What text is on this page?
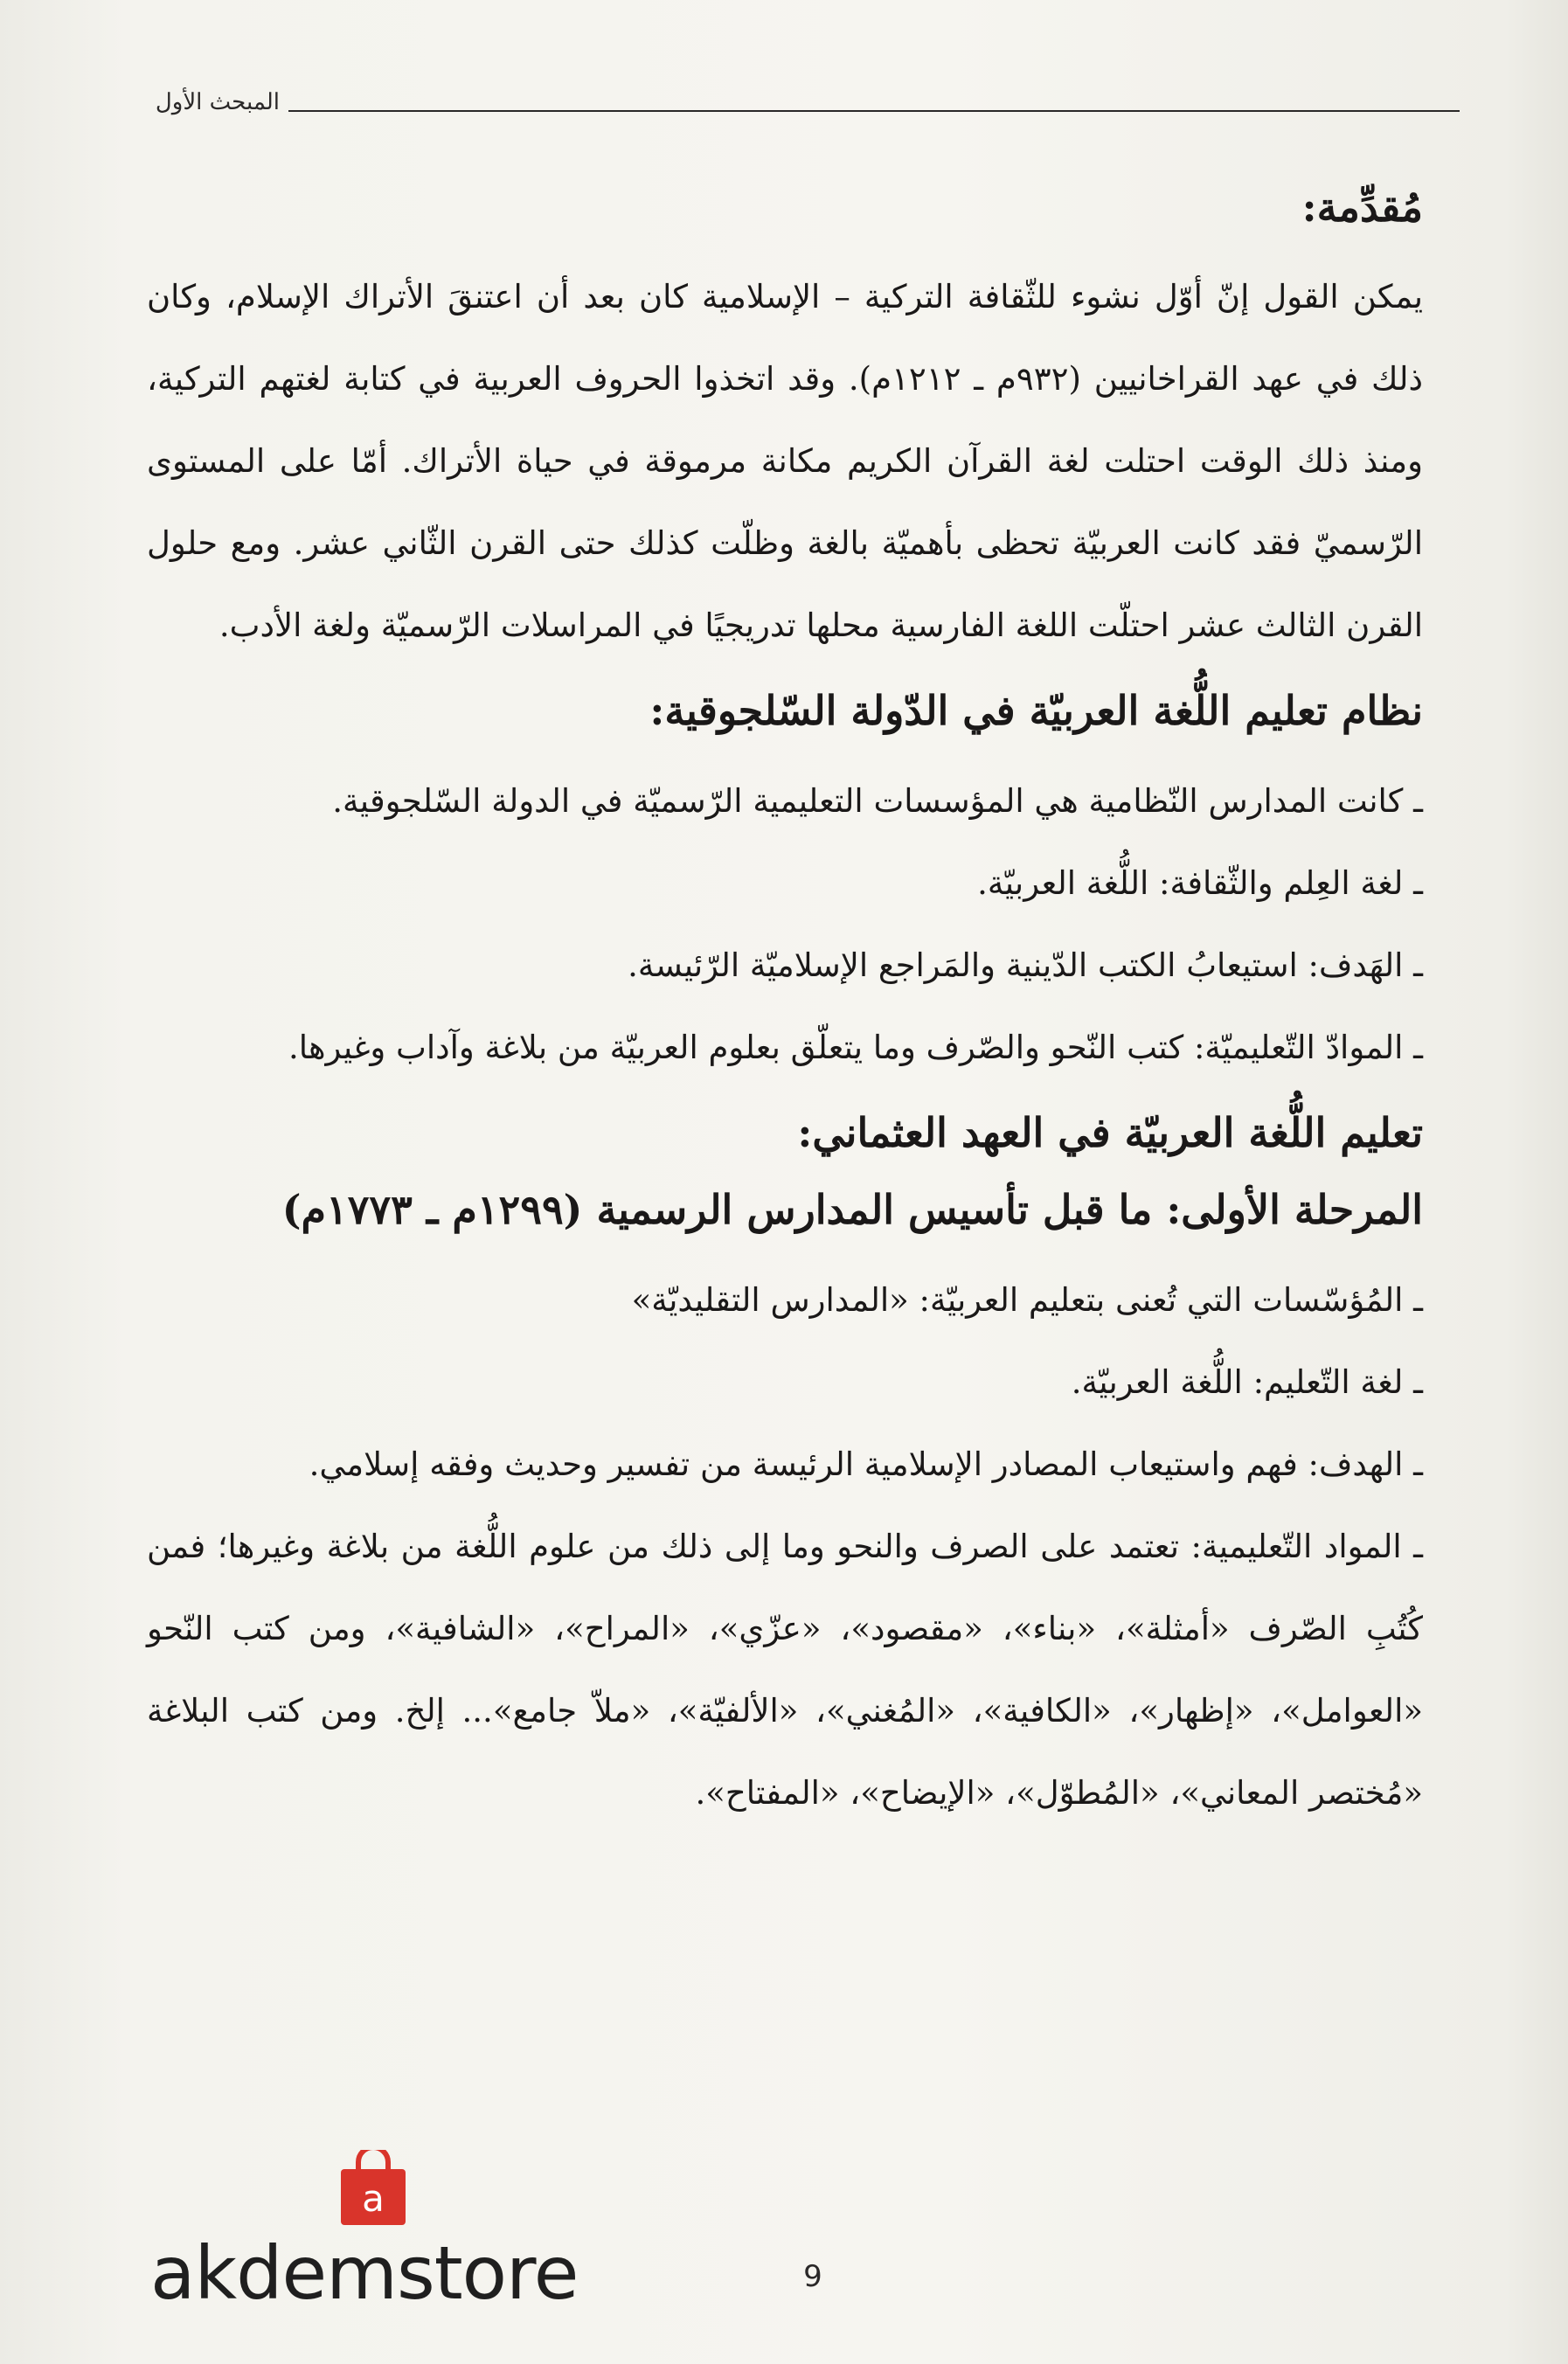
المبحث الأول
مُقدِّمة:
يمكن القول إنّ أوّل نشوء للثّقافة التركية – الإسلامية كان بعد أن اعتنقَ الأتراك الإسلام، وكان ذلك في عهد القراخانيين (٩٣٢م ـ ١٢١٢م). وقد اتخذوا الحروف العربية في كتابة لغتهم التركية، ومنذ ذلك الوقت احتلت لغة القرآن الكريم مكانة مرموقة في حياة الأتراك. أمّا على المستوى الرّسميّ فقد كانت العربيّة تحظى بأهميّة بالغة وظلّت كذلك حتى القرن الثّاني عشر. ومع حلول القرن الثالث عشر احتلّت اللغة الفارسية محلها تدريجيًا في المراسلات الرّسميّة ولغة الأدب.
نظام تعليم اللُّغة العربيّة في الدّولة السّلجوقية:
ـ كانت المدارس النّظامية هي المؤسسات التعليمية الرّسميّة في الدولة السّلجوقية.
ـ لغة العِلم والثّقافة: اللُّغة العربيّة.
ـ الهَدف: استيعابُ الكتب الدّينية والمَراجع الإسلاميّة الرّئيسة.
ـ الموادّ التّعليميّة: كتب النّحو والصّرف وما يتعلّق بعلوم العربيّة من بلاغة وآداب وغيرها.
تعليم اللُّغة العربيّة في العهد العثماني:
المرحلة الأولى: ما قبل تأسيس المدارس الرسمية (١٢٩٩م ـ ١٧٧٣م)
ـ المُؤسّسات التي تُعنى بتعليم العربيّة: «المدارس التقليديّة»
ـ لغة التّعليم: اللُّغة العربيّة.
ـ الهدف: فهم واستيعاب المصادر الإسلامية الرئيسة من تفسير وحديث وفقه إسلامي.
ـ المواد التّعليمية: تعتمد على الصرف والنحو وما إلى ذلك من علوم اللُّغة من بلاغة وغيرها؛ فمن كُتُبِ الصّرف «أمثلة»، «بناء»، «مقصود»، «عزّي»، «المراح»، «الشافية»، ومن كتب النّحو «العوامل»، «إظهار»، «الكافية»، «المُغني»، «الألفيّة»، «ملاّ جامع»... إلخ. ومن كتب البلاغة «مُختصر المعاني»، «المُطوّل»، «الإيضاح»، «المفتاح».
a
akdemstore	9
